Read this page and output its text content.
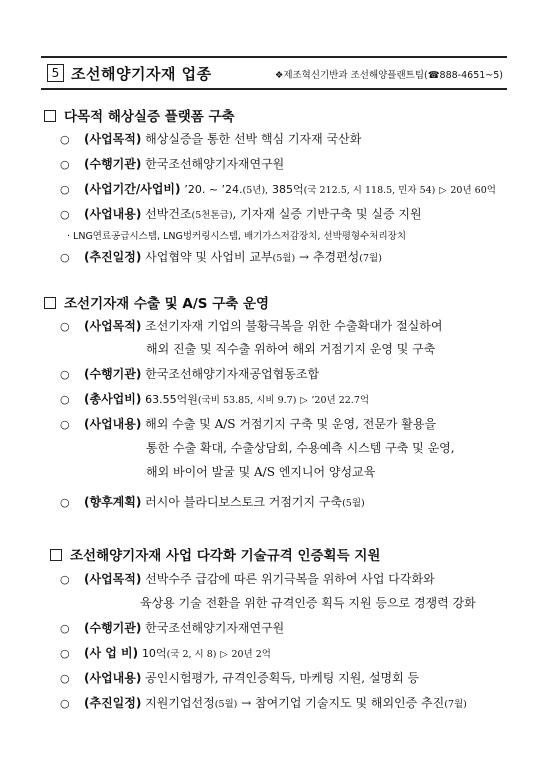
5 조선해양기자재 업종	❖제조혁신기반과 조선해양플랜트팀(☎888-4651~5)
다목적 해상실증 플랫폼 구축
○ (사업목적) 해상실증을 통한 선박 핵심 기자재 국산화
○ (수행기관) 한국조선해양기자재연구원
○ (사업기간/사업비) ’20. ~ ’24.(5년), 385억(국 212.5, 시 118.5, 민자 54) ▷ 20년 60억
○ (사업내용) 선박건조(5천톤급), 기자재 실증 기반구축 및 실증 지원
· LNG연료공급시스템, LNG벙커링시스템, 배기가스저감장치, 선박평형수처리장치
○ (추진일정) 사업협약 및 사업비 교부(5월) → 추경편성(7월)
조선기자재 수출 및 A/S 구축 운영
○ (사업목적) 조선기자재 기업의 불황극복을 위한 수출확대가 절실하여
해외 진출 및 직수출 위하여 해외 거점기지 운영 및 구축
○ (수행기관) 한국조선해양기자재공업협동조합
○ (총사업비) 63.55억원(국비 53.85, 시비 9.7) ▷ ’20년 22.7억
○ (사업내용) 해외 수출 및 A/S 거점기지 구축 및 운영, 전문가 활용을
통한 수출 확대, 수출상담회, 수용예측 시스템 구축 및 운영,
해외 바이어 발굴 및 A/S 엔지니어 양성교육
○ (향후계획) 러시아 블라디보스토크 거점기지 구축(5월)
조선해양기자재 사업 다각화 기술규격 인증획득 지원
○ (사업목적) 선박수주 급감에 따른 위기극복을 위하여 사업 다각화와
육상용 기술 전환을 위한 규격인증 획득 지원 등으로 경쟁력 강화
○ (수행기관) 한국조선해양기자재연구원
○ (사 업 비) 10억(국 2, 시 8) ▷ 20년 2억
○ (사업내용) 공인시험평가, 규격인증획득, 마케팅 지원, 설명회 등
○ (추진일정) 지원기업선정(5월) → 참여기업 기술지도 및 해외인증 추진(7월)
